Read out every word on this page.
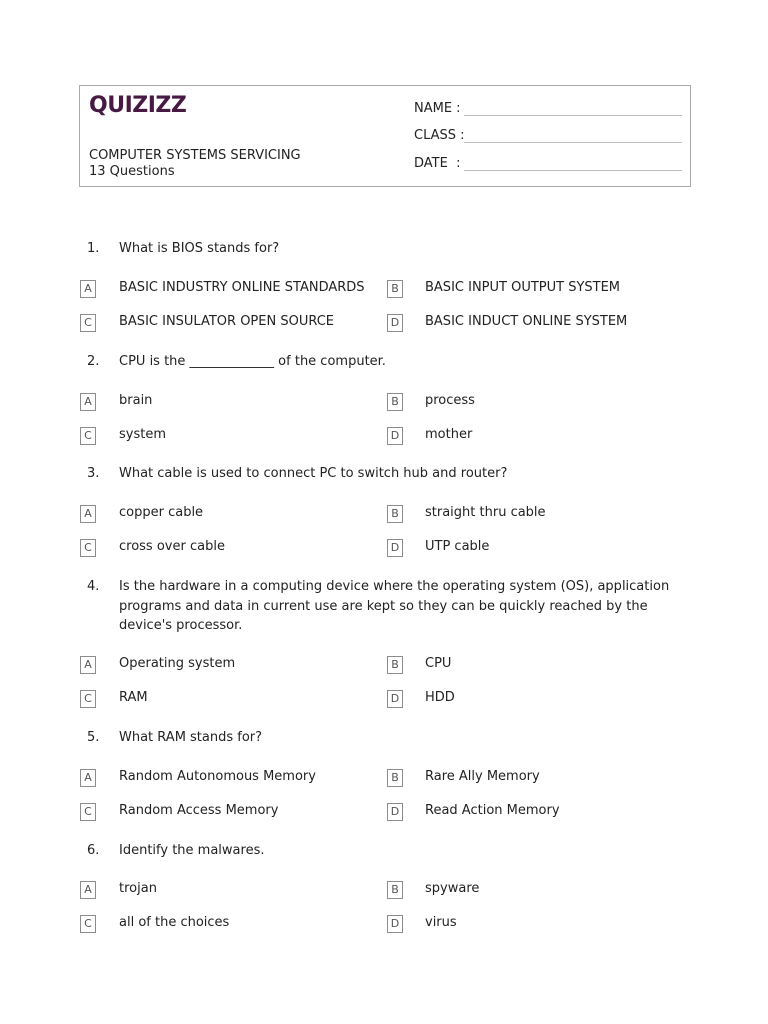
QUIZIZZ
COMPUTER SYSTEMS SERVICING
13 Questions
NAME :
CLASS :
DATE  :
1. What is BIOS stands for?
A	BASIC INDUSTRY ONLINE STANDARDS	B	BASIC INPUT OUTPUT SYSTEM
C	BASIC INSULATOR OPEN SOURCE	D BASIC INDUCT ONLINE SYSTEM
2. CPU is the _____________ of the computer.
A	brain	B	process
C	system	D mother
3. What cable is used to connect PC to switch hub and router?
A	copper cable	B	straight thru cable
C	cross over cable	D UTP cable
4. Is the hardware in a computing device where the operating system (OS), application programs and data in current use are kept so they can be quickly reached by the device's processor.
A	Operating system	B	CPU
C	RAM	D HDD
5. What RAM stands for?
A	Random Autonomous Memory	B	Rare Ally Memory
C	Random Access Memory	D Read Action Memory
6. Identify the malwares.
A	trojan	B	spyware
C	all of the choices	D virus
